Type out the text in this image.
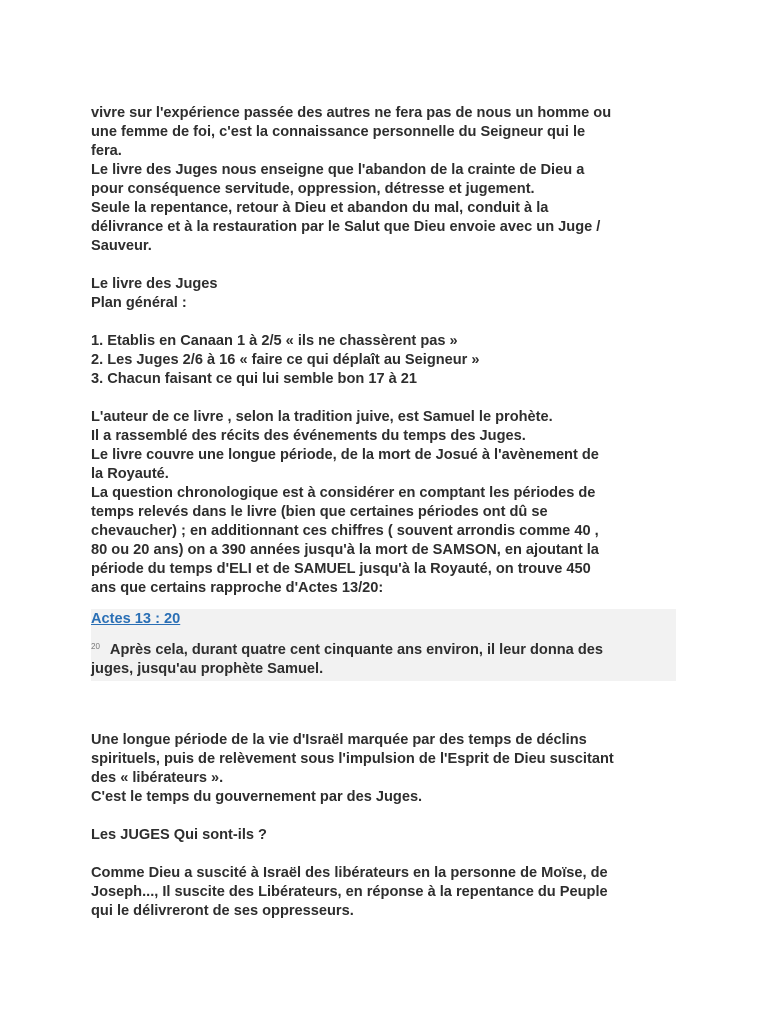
vivre sur l'expérience passée des autres ne fera pas de nous un homme ou
une femme de foi, c'est la connaissance personnelle du Seigneur qui le
fera.
Le livre des Juges nous enseigne que l'abandon de la crainte de Dieu a
pour conséquence servitude, oppression, détresse et jugement.
Seule la repentance, retour à Dieu et abandon du mal, conduit à la
délivrance et à la restauration par le Salut que Dieu envoie avec un Juge /
Sauveur.

Le livre des Juges
Plan général :

1. Etablis en Canaan 1 à 2/5 « ils ne chassèrent pas »
2. Les Juges 2/6 à 16 « faire ce qui déplaît au Seigneur »
3. Chacun faisant ce qui lui semble bon 17 à 21

L'auteur de ce livre , selon la tradition juive, est Samuel le prohète.
Il a rassemblé des récits des événements du temps des Juges.
Le livre couvre une longue période, de la mort de Josué à l'avènement de
la Royauté.
La question chronologique est à considérer en comptant les périodes de
temps relevés dans le livre (bien que certaines périodes ont dû se
chevaucher) ; en additionnant ces chiffres ( souvent arrondis comme 40 ,
80 ou 20 ans) on a 390 années jusqu'à la mort de SAMSON, en ajoutant la
période du temps d'ELI et de SAMUEL jusqu'à la Royauté, on trouve 450
ans que certains rapproche d'Actes 13/20:

Actes 13 : 20
$^{20}$ Après cela, durant quatre cent cinquante ans environ, il leur donna des
juges, jusqu'au prophète Samuel.

Une longue période de la vie d'Israël marquée par des temps de déclins
spirituels, puis de relèvement sous l'impulsion de l'Esprit de Dieu suscitant
des « libérateurs ».
C'est le temps du gouvernement par des Juges.

Les JUGES Qui sont-ils ?

Comme Dieu a suscité à Israël des libérateurs en la personne de Moïse, de
Joseph..., Il suscite des Libérateurs, en réponse à la repentance du Peuple
qui le délivreront de ses oppresseurs.
